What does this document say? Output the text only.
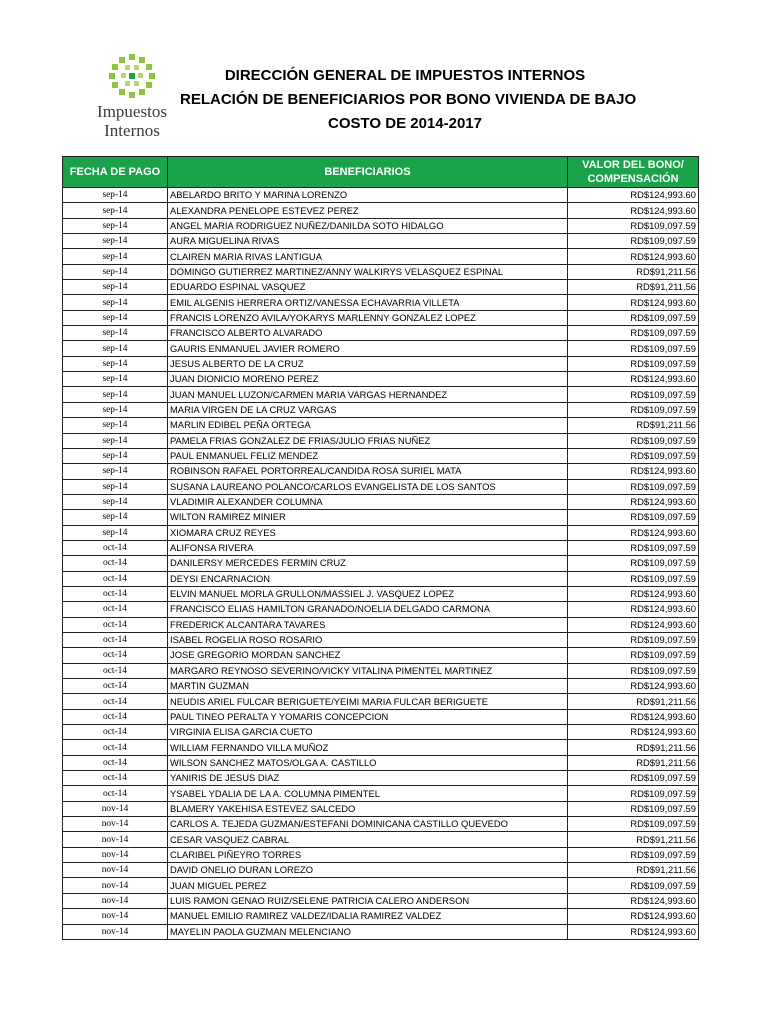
Impuestos
Internos
DIRECCIÓN GENERAL DE IMPUESTOS INTERNOS
RELACIÓN DE BENEFICIARIOS POR BONO VIVIENDA DE BAJO
COSTO DE 2014-2017
FECHA DE PAGO	BENEFICIARIOS	VALOR DEL BONO/ COMPENSACIÓN
sep-14	ABELARDO BRITO Y MARINA LORENZO	RD$124,993.60
sep-14	ALEXANDRA PENELOPE ESTEVEZ PEREZ	RD$124,993.60
sep-14	ANGEL MARIA RODRIGUEZ NUÑEZ/DANILDA SOTO HIDALGO	RD$109,097.59
sep-14	AURA MIGUELINA RIVAS	RD$109,097.59
sep-14	CLAIREN MARIA RIVAS LANTIGUA	RD$124,993.60
sep-14	DOMINGO GUTIERREZ MARTINEZ/ANNY WALKIRYS VELASQUEZ ESPINAL	RD$91,211.56
sep-14	EDUARDO ESPINAL VASQUEZ	RD$91,211.56
sep-14	EMIL ALGENIS HERRERA ORTIZ/VANESSA ECHAVARRIA VILLETA	RD$124,993.60
sep-14	FRANCIS LORENZO AVILA/YOKARYS MARLENNY GONZALEZ LOPEZ	RD$109,097.59
sep-14	FRANCISCO ALBERTO ALVARADO	RD$109,097.59
sep-14	GAURIS ENMANUEL JAVIER ROMERO	RD$109,097.59
sep-14	JESUS ALBERTO DE LA CRUZ	RD$109,097.59
sep-14	JUAN DIONICIO MORENO PEREZ	RD$124,993.60
sep-14	JUAN MANUEL LUZON/CARMEN MARIA VARGAS HERNANDEZ	RD$109,097.59
sep-14	MARIA VIRGEN DE LA CRUZ VARGAS	RD$109,097.59
sep-14	MARLIN EDIBEL PEÑA ORTEGA	RD$91,211.56
sep-14	PAMELA FRIAS GONZALEZ DE FRIAS/JULIO FRIAS NUÑEZ	RD$109,097.59
sep-14	PAUL ENMANUEL FELIZ MENDEZ	RD$109,097.59
sep-14	ROBINSON RAFAEL PORTORREAL/CANDIDA ROSA SURIEL MATA	RD$124,993.60
sep-14	SUSANA LAUREANO POLANCO/CARLOS EVANGELISTA DE LOS SANTOS	RD$109,097.59
sep-14	VLADIMIR ALEXANDER COLUMNA	RD$124,993.60
sep-14	WILTON RAMIREZ MINIER	RD$109,097.59
sep-14	XIOMARA CRUZ REYES	RD$124,993.60
oct-14	ALIFONSA RIVERA	RD$109,097.59
oct-14	DANILERSY MERCEDES FERMIN CRUZ	RD$109,097.59
oct-14	DEYSI ENCARNACION	RD$109,097.59
oct-14	ELVIN MANUEL MORLA GRULLON/MASSIEL J. VASQUEZ LOPEZ	RD$124,993.60
oct-14	FRANCISCO ELIAS HAMILTON GRANADO/NOELIA DELGADO CARMONA	RD$124,993.60
oct-14	FREDERICK ALCANTARA TAVARES	RD$124,993.60
oct-14	ISABEL ROGELIA ROSO ROSARIO	RD$109,097.59
oct-14	JOSE GREGORIO MORDAN SANCHEZ	RD$109,097.59
oct-14	MARGARO REYNOSO SEVERINO/VICKY VITALINA PIMENTEL MARTINEZ	RD$109,097.59
oct-14	MARTIN GUZMAN	RD$124,993.60
oct-14	NEUDIS ARIEL FULCAR BERIGUETE/YEIMI MARIA FULCAR BERIGUETE	RD$91,211.56
oct-14	PAUL TINEO PERALTA Y YOMARIS CONCEPCION	RD$124,993.60
oct-14	VIRGINIA ELISA GARCIA CUETO	RD$124,993.60
oct-14	WILLIAM FERNANDO VILLA MUÑOZ	RD$91,211.56
oct-14	WILSON SANCHEZ MATOS/OLGA A. CASTILLO	RD$91,211.56
oct-14	YANIRIS DE JESUS DIAZ	RD$109,097.59
oct-14	YSABEL YDALIA DE LA A. COLUMNA PIMENTEL	RD$109,097.59
nov-14	BLAMERY YAKEHISA ESTEVEZ SALCEDO	RD$109,097.59
nov-14	CARLOS A. TEJEDA GUZMAN/ESTEFANI DOMINICANA CASTILLO QUEVEDO	RD$109,097.59
nov-14	CESAR VASQUEZ CABRAL	RD$91,211.56
nov-14	CLARIBEL PIÑEYRO TORRES	RD$109,097.59
nov-14	DAVID ONELIO DURAN LOREZO	RD$91,211.56
nov-14	JUAN MIGUEL PEREZ	RD$109,097.59
nov-14	LUIS RAMON GENAO RUIZ/SELENE PATRICIA CALERO ANDERSON	RD$124,993.60
nov-14	MANUEL EMILIO RAMIREZ VALDEZ/IDALIA RAMIREZ VALDEZ	RD$124,993.60
nov-14	MAYELIN PAOLA GUZMAN MELENCIANO	RD$124,993.60
